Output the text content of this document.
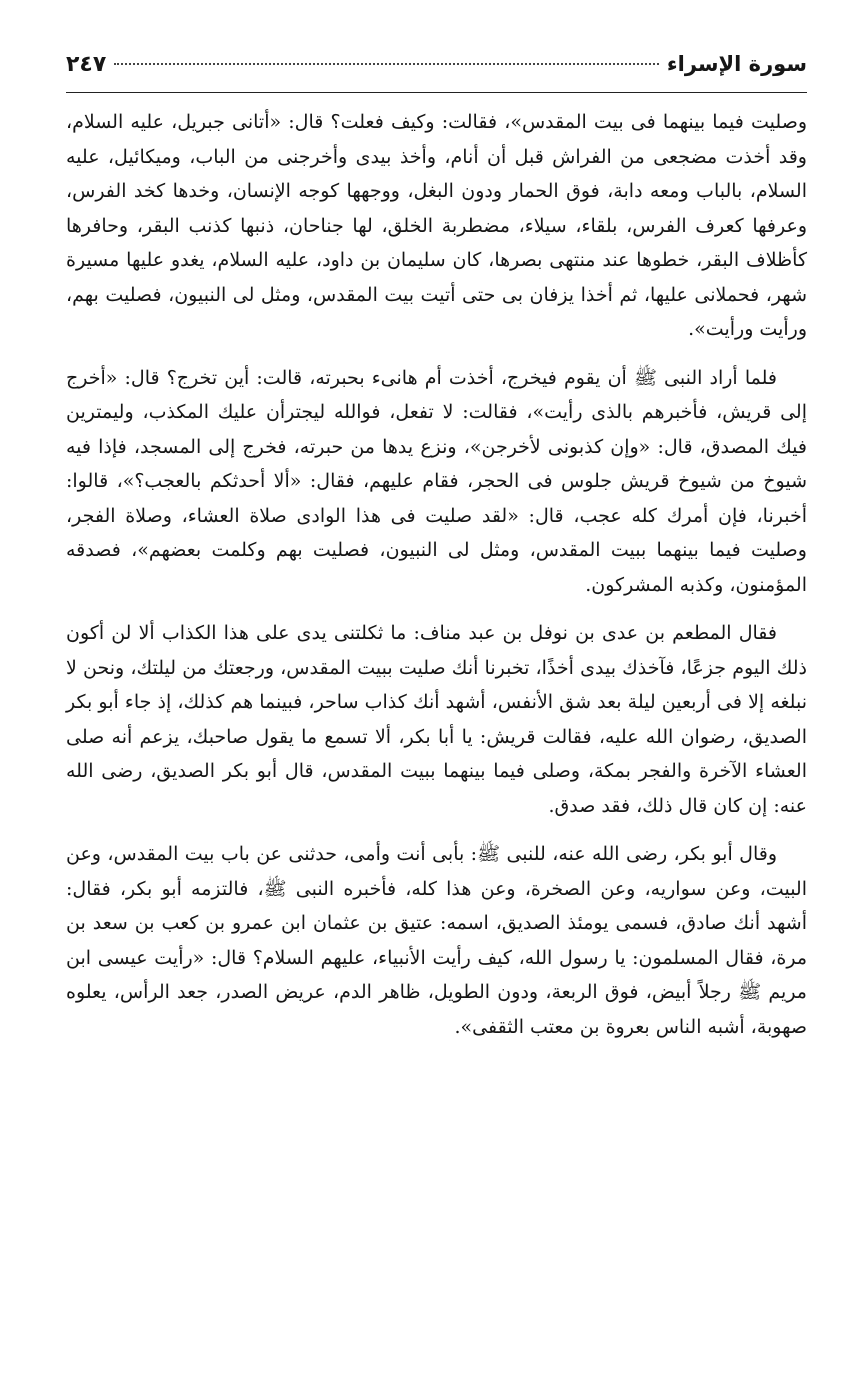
سورة الإسراء
٢٤٧

وصليت فيما بينهما فى بيت المقدس»، فقالت: وكيف فعلت؟ قال: «أتانى جبريل، عليه السلام، وقد أخذت مضجعى من الفراش قبل أن أنام، وأخذ بيدى وأخرجنى من الباب، وميكائيل، عليه السلام، بالباب ومعه دابة، فوق الحمار ودون البغل، ووجهها كوجه الإنسان، وخدها كخد الفرس، وعرفها كعرف الفرس، بلقاء، سيلاء، مضطربة الخلق، لها جناحان، ذنبها كذنب البقر، وحافرها كأظلاف البقر، خطوها عند منتهى بصرها، كان سليمان بن داود، عليه السلام، يغدو عليها مسيرة شهر، فحملانى عليها، ثم أخذا يزفان بى حتى أتيت بيت المقدس، ومثل لى النبيون، فصليت بهم، ورأيت ورأيت».

فلما أراد النبى ﷺ أن يقوم فيخرج، أخذت أم هانىء بحبرته، قالت: أين تخرج؟ قال: «أخرج إلى قريش، فأخبرهم بالذى رأيت»، فقالت: لا تفعل، فوالله ليجترأن عليك المكذب، وليمترين فيك المصدق، قال: «وإن كذبونى لأخرجن»، ونزع يدها من حبرته، فخرج إلى المسجد، فإذا فيه شيوخ من شيوخ قريش جلوس فى الحجر، فقام عليهم، فقال: «ألا أحدثكم بالعجب؟»، قالوا: أخبرنا، فإن أمرك كله عجب، قال: «لقد صليت فى هذا الوادى صلاة العشاء، وصلاة الفجر، وصليت فيما بينهما ببيت المقدس، ومثل لى النبيون، فصليت بهم وكلمت بعضهم»، فصدقه المؤمنون، وكذبه المشركون.

فقال المطعم بن عدى بن نوفل بن عبد مناف: ما ثكلتنى يدى على هذا الكذاب ألا لن أكون ذلك اليوم جزعًا، فآخذك بيدى أخذًا، تخبرنا أنك صليت ببيت المقدس، ورجعتك من ليلتك، ونحن لا نبلغه إلا فى أربعين ليلة بعد شق الأنفس، أشهد أنك كذاب ساحر، فبينما هم كذلك، إذ جاء أبو بكر الصديق، رضوان الله عليه، فقالت قريش: يا أبا بكر، ألا تسمع ما يقول صاحبك، يزعم أنه صلى العشاء الآخرة والفجر بمكة، وصلى فيما بينهما ببيت المقدس، قال أبو بكر الصديق، رضى الله عنه: إن كان قال ذلك، فقد صدق.

وقال أبو بكر، رضى الله عنه، للنبى ﷺ: بأبى أنت وأمى، حدثنى عن باب بيت المقدس، وعن البيت، وعن سواريه، وعن الصخرة، وعن هذا كله، فأخبره النبى ﷺ، فالتزمه أبو بكر، فقال: أشهد أنك صادق، فسمى يومئذ الصديق، اسمه: عتيق بن عثمان ابن عمرو بن كعب بن سعد بن مرة، فقال المسلمون: يا رسول الله، كيف رأيت الأنبياء، عليهم السلام؟ قال: «رأيت عيسى ابن مريم ﷺ رجلاً أبيض، فوق الربعة، ودون الطويل، ظاهر الدم، عريض الصدر، جعد الرأس، يعلوه صهوبة، أشبه الناس بعروة بن معتب الثقفى».
